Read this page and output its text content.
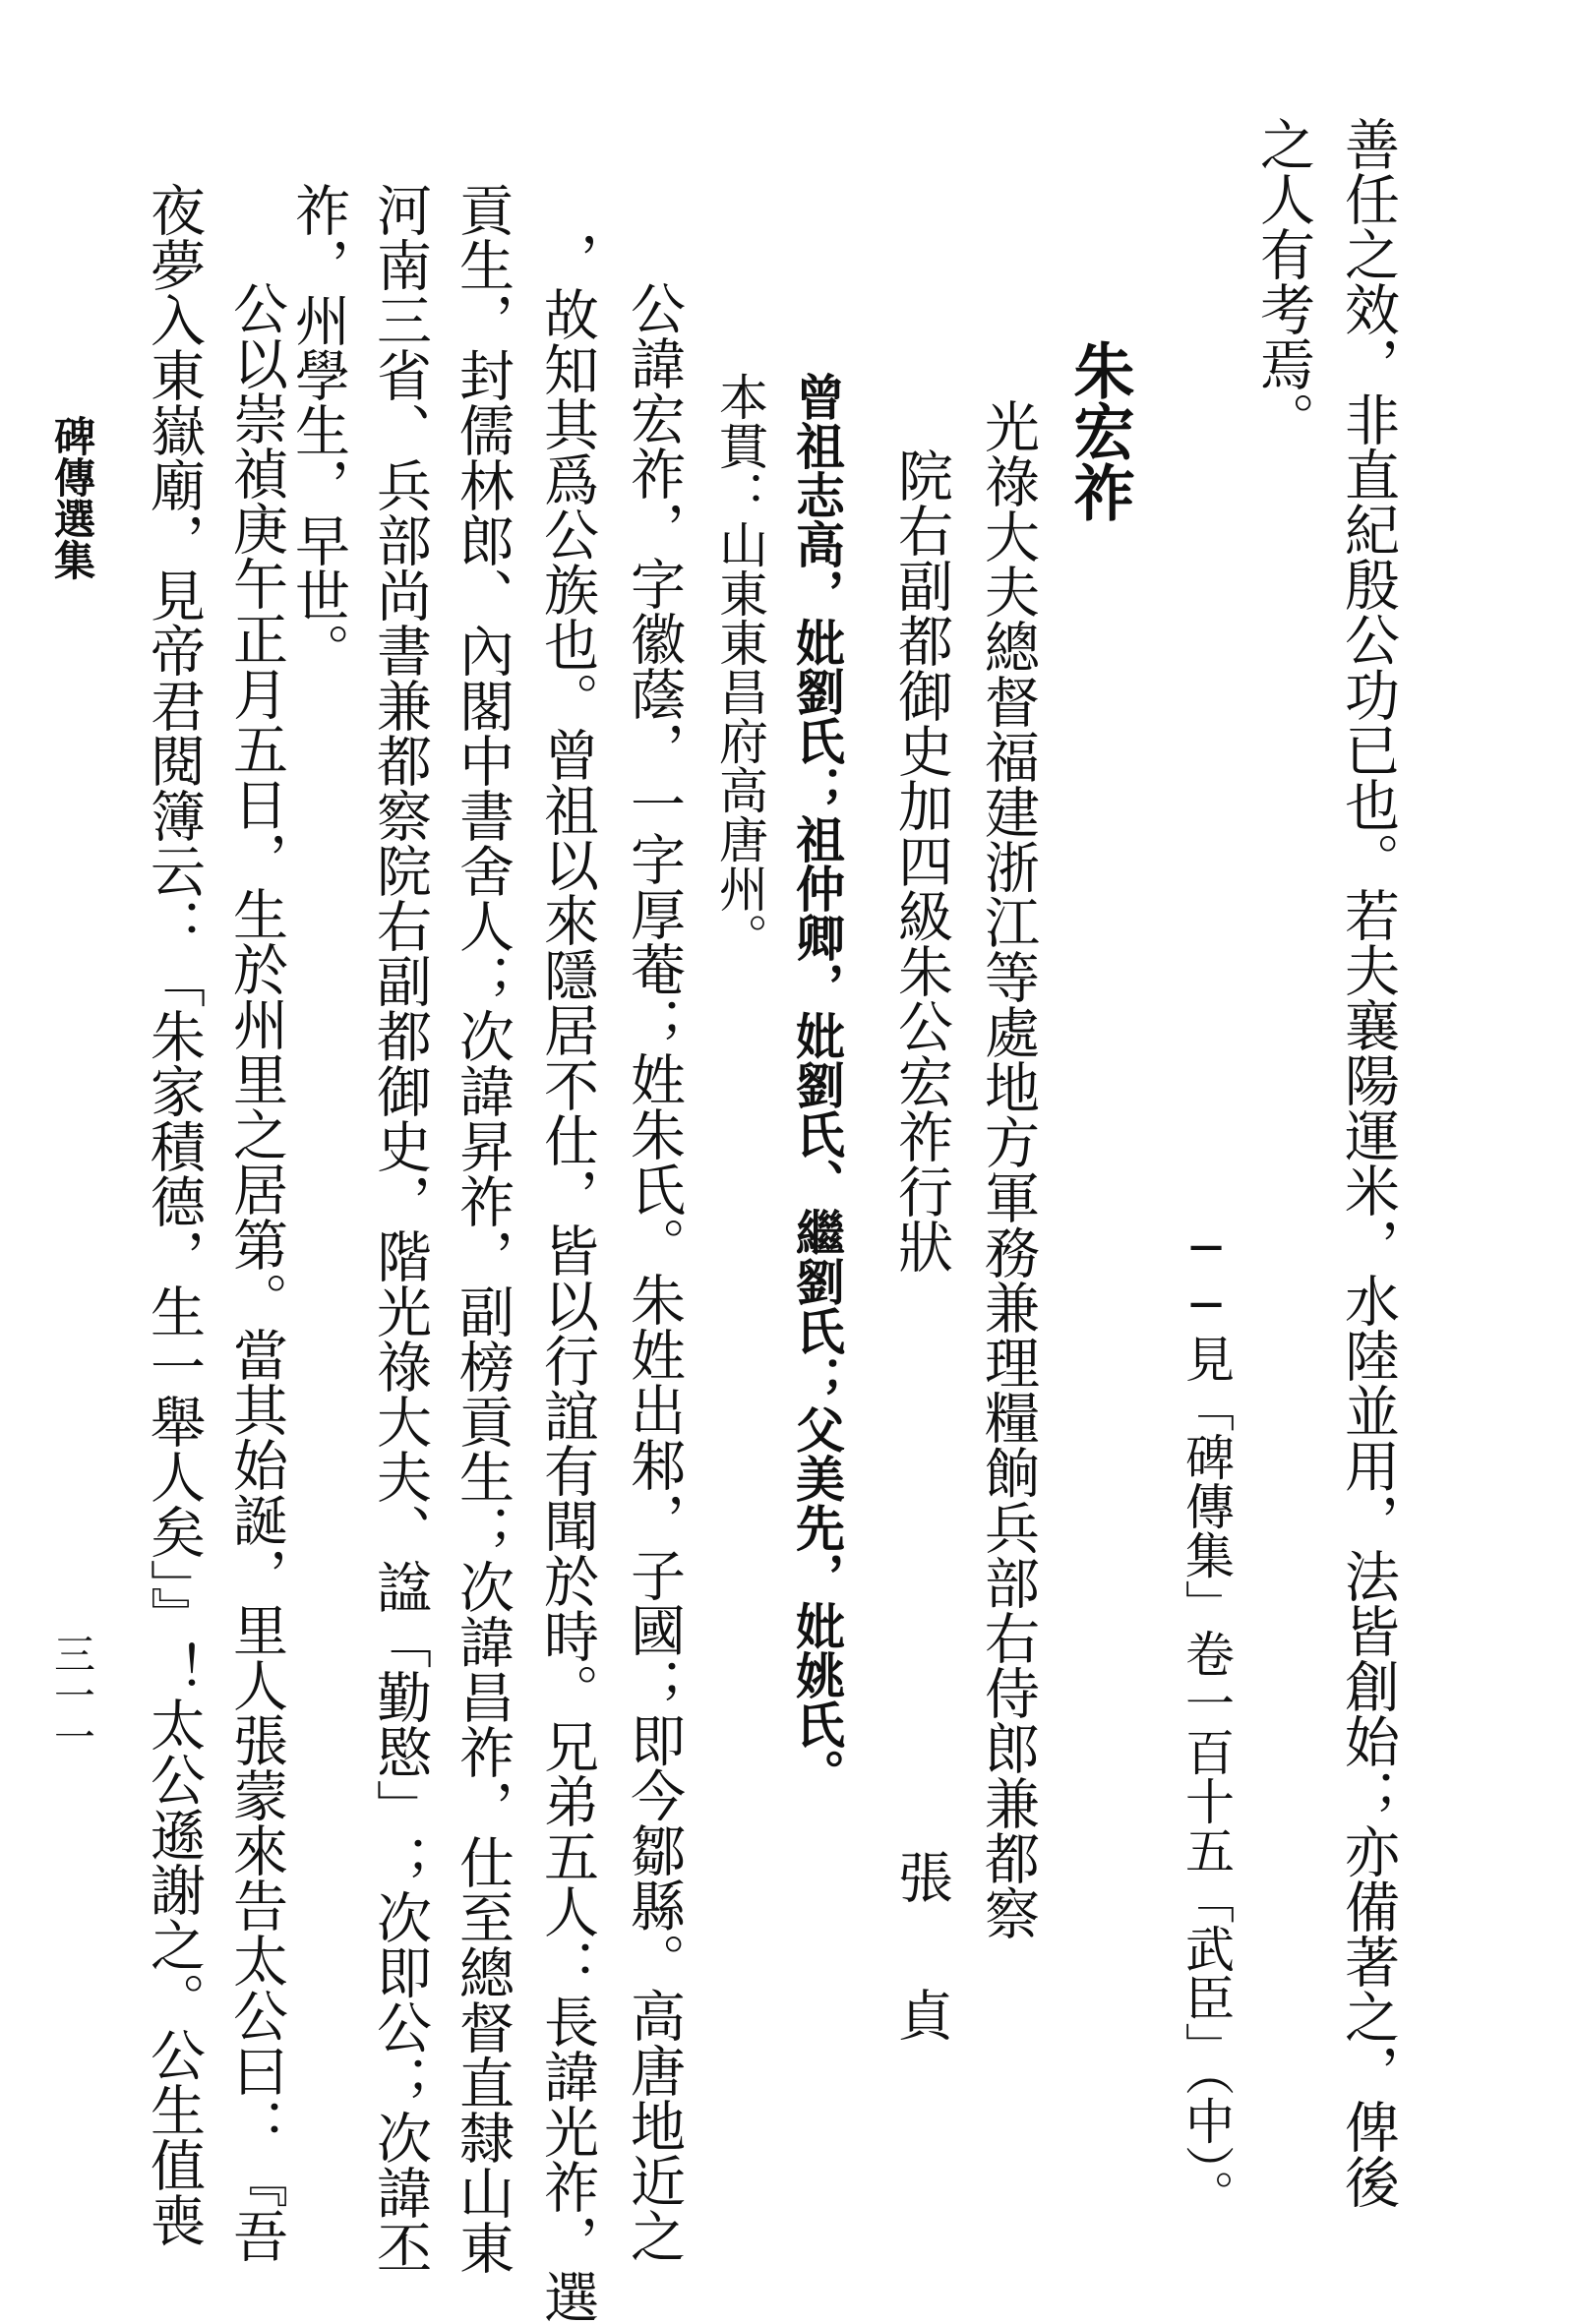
善任之效，非直紀殷公功已也。若夫襄陽運米，水陸並用，法皆創始；亦備著之，俾後
之人有考焉。
──見「碑傳集」卷一百十五「武臣」（中）。
朱宏祚
光祿大夫總督福建浙江等處地方軍務兼理糧餉兵部右侍郎兼都察
院右副都御史加四級朱公宏祚行狀
張
貞
曾祖志高，妣劉氏；祖仲卿，妣劉氏、繼劉氏；父美先，妣姚氏。
本貫：山東東昌府高唐州。
公諱宏祚，字徽蔭，一字厚菴；姓朱氏。朱姓出邾，子國；即今鄒縣。高唐地近之
，故知其爲公族也。曾祖以來隱居不仕，皆以行誼有聞於時。兄弟五人：長諱光祚，選
貢生，封儒林郎、內閣中書舍人；次諱昇祚，副榜貢生；次諱昌祚，仕至總督直隸山東
河南三省、兵部尚書兼都察院右副都御史，階光祿大夫、諡「勤愍」；次即公；次諱丕
祚，州學生，早世。
公以崇禎庚午正月五日，生於州里之居第。當其始誕，里人張蒙來告太公曰：『吾
夜夢入東嶽廟，見帝君閱簿云：「朱家積德，生一舉人矣」』！太公遜謝之。公生值喪
碑傳選集
三一一
